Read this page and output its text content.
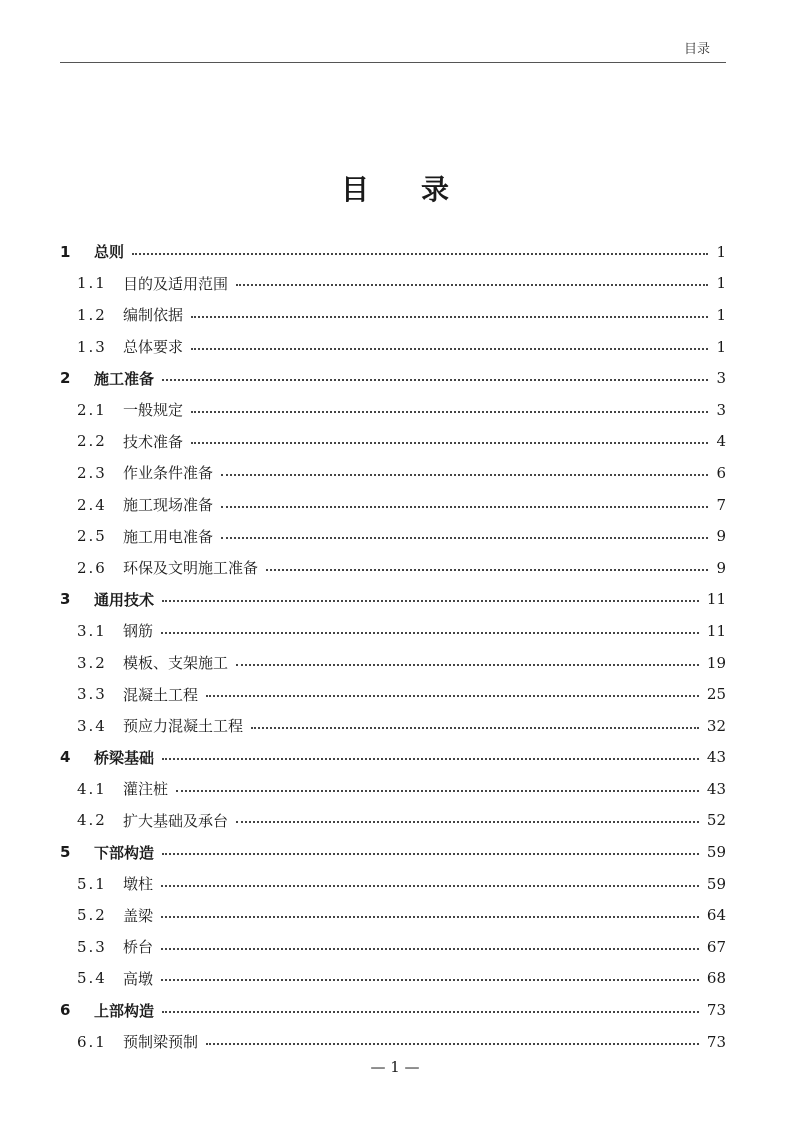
目录
目录
1	总则	1
1.1	目的及适用范围	1
1.2	编制依据	1
1.3	总体要求	1
2	施工准备	3
2.1	一般规定	3
2.2	技术准备	4
2.3	作业条件准备	6
2.4	施工现场准备	7
2.5	施工用电准备	9
2.6	环保及文明施工准备	9
3	通用技术	11
3.1	钢筋	11
3.2	模板、支架施工	19
3.3	混凝土工程	25
3.4	预应力混凝土工程	32
4	桥梁基础	43
4.1	灌注桩	43
4.2	扩大基础及承台	52
5	下部构造	59
5.1	墩柱	59
5.2	盖梁	64
5.3	桥台	67
5.4	高墩	68
6	上部构造	73
6.1	预制梁预制	73
— 1 —
